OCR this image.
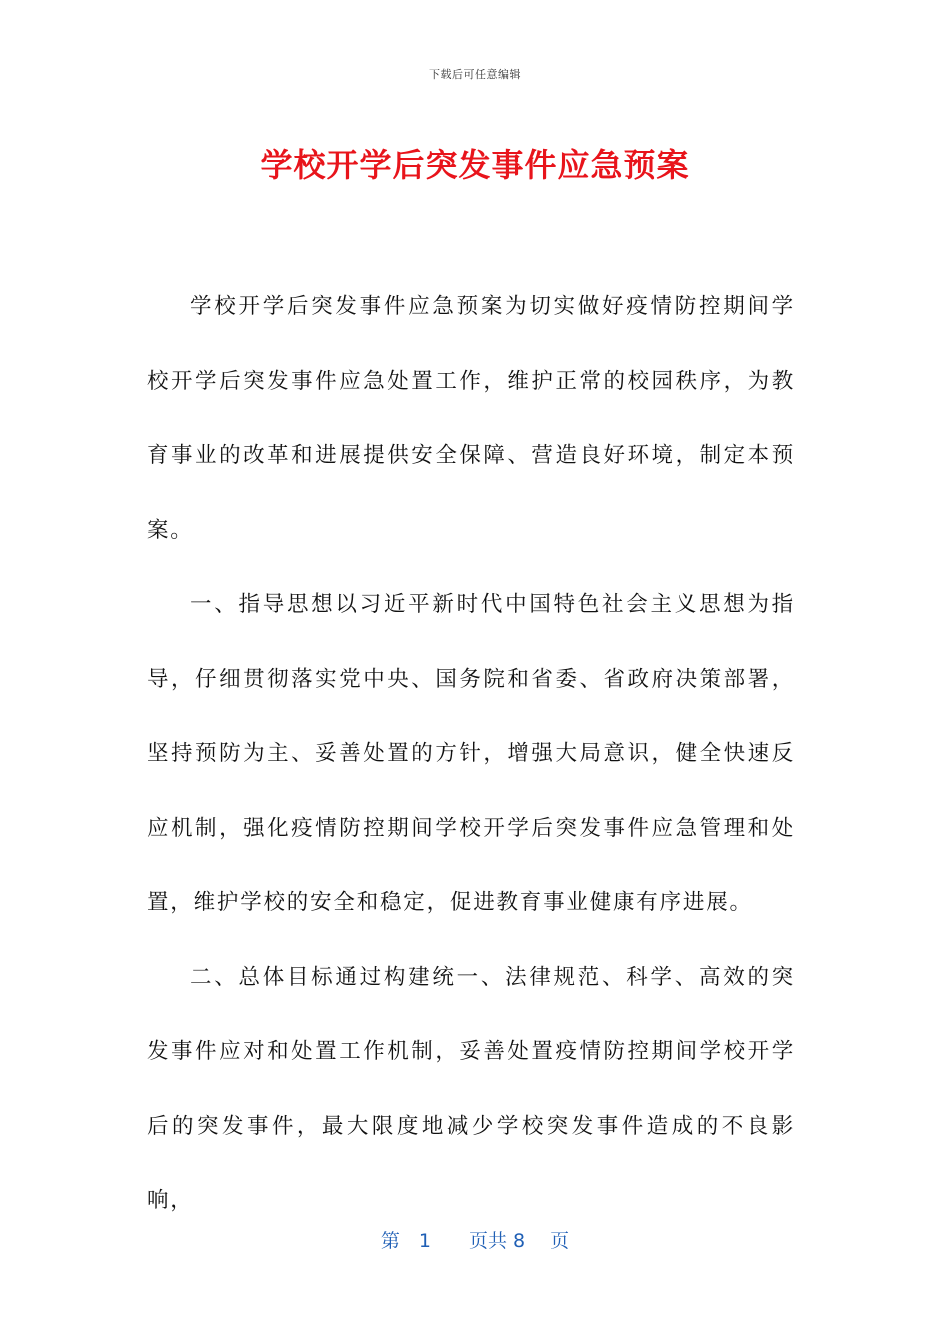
下载后可任意编辑
学校开学后突发事件应急预案

学校开学后突发事件应急预案为切实做好疫情防控期间学校开学后突发事件应急处置工作，维护正常的校园秩序，为教育事业的改革和进展提供安全保障、营造良好环境，制定本预案。

一、指导思想以习近平新时代中国特色社会主义思想为指导，仔细贯彻落实党中央、国务院和省委、省政府决策部署，坚持预防为主、妥善处置的方针，增强大局意识，健全快速反应机制，强化疫情防控期间学校开学后突发事件应急管理和处置，维护学校的安全和稳定，促进教育事业健康有序进展。

二、总体目标通过构建统一、法律规范、科学、高效的突发事件应对和处置工作机制，妥善处置疫情防控期间学校开学后的突发事件，最大限度地减少学校突发事件造成的不良影响，

第　1　　页共 8　 页
